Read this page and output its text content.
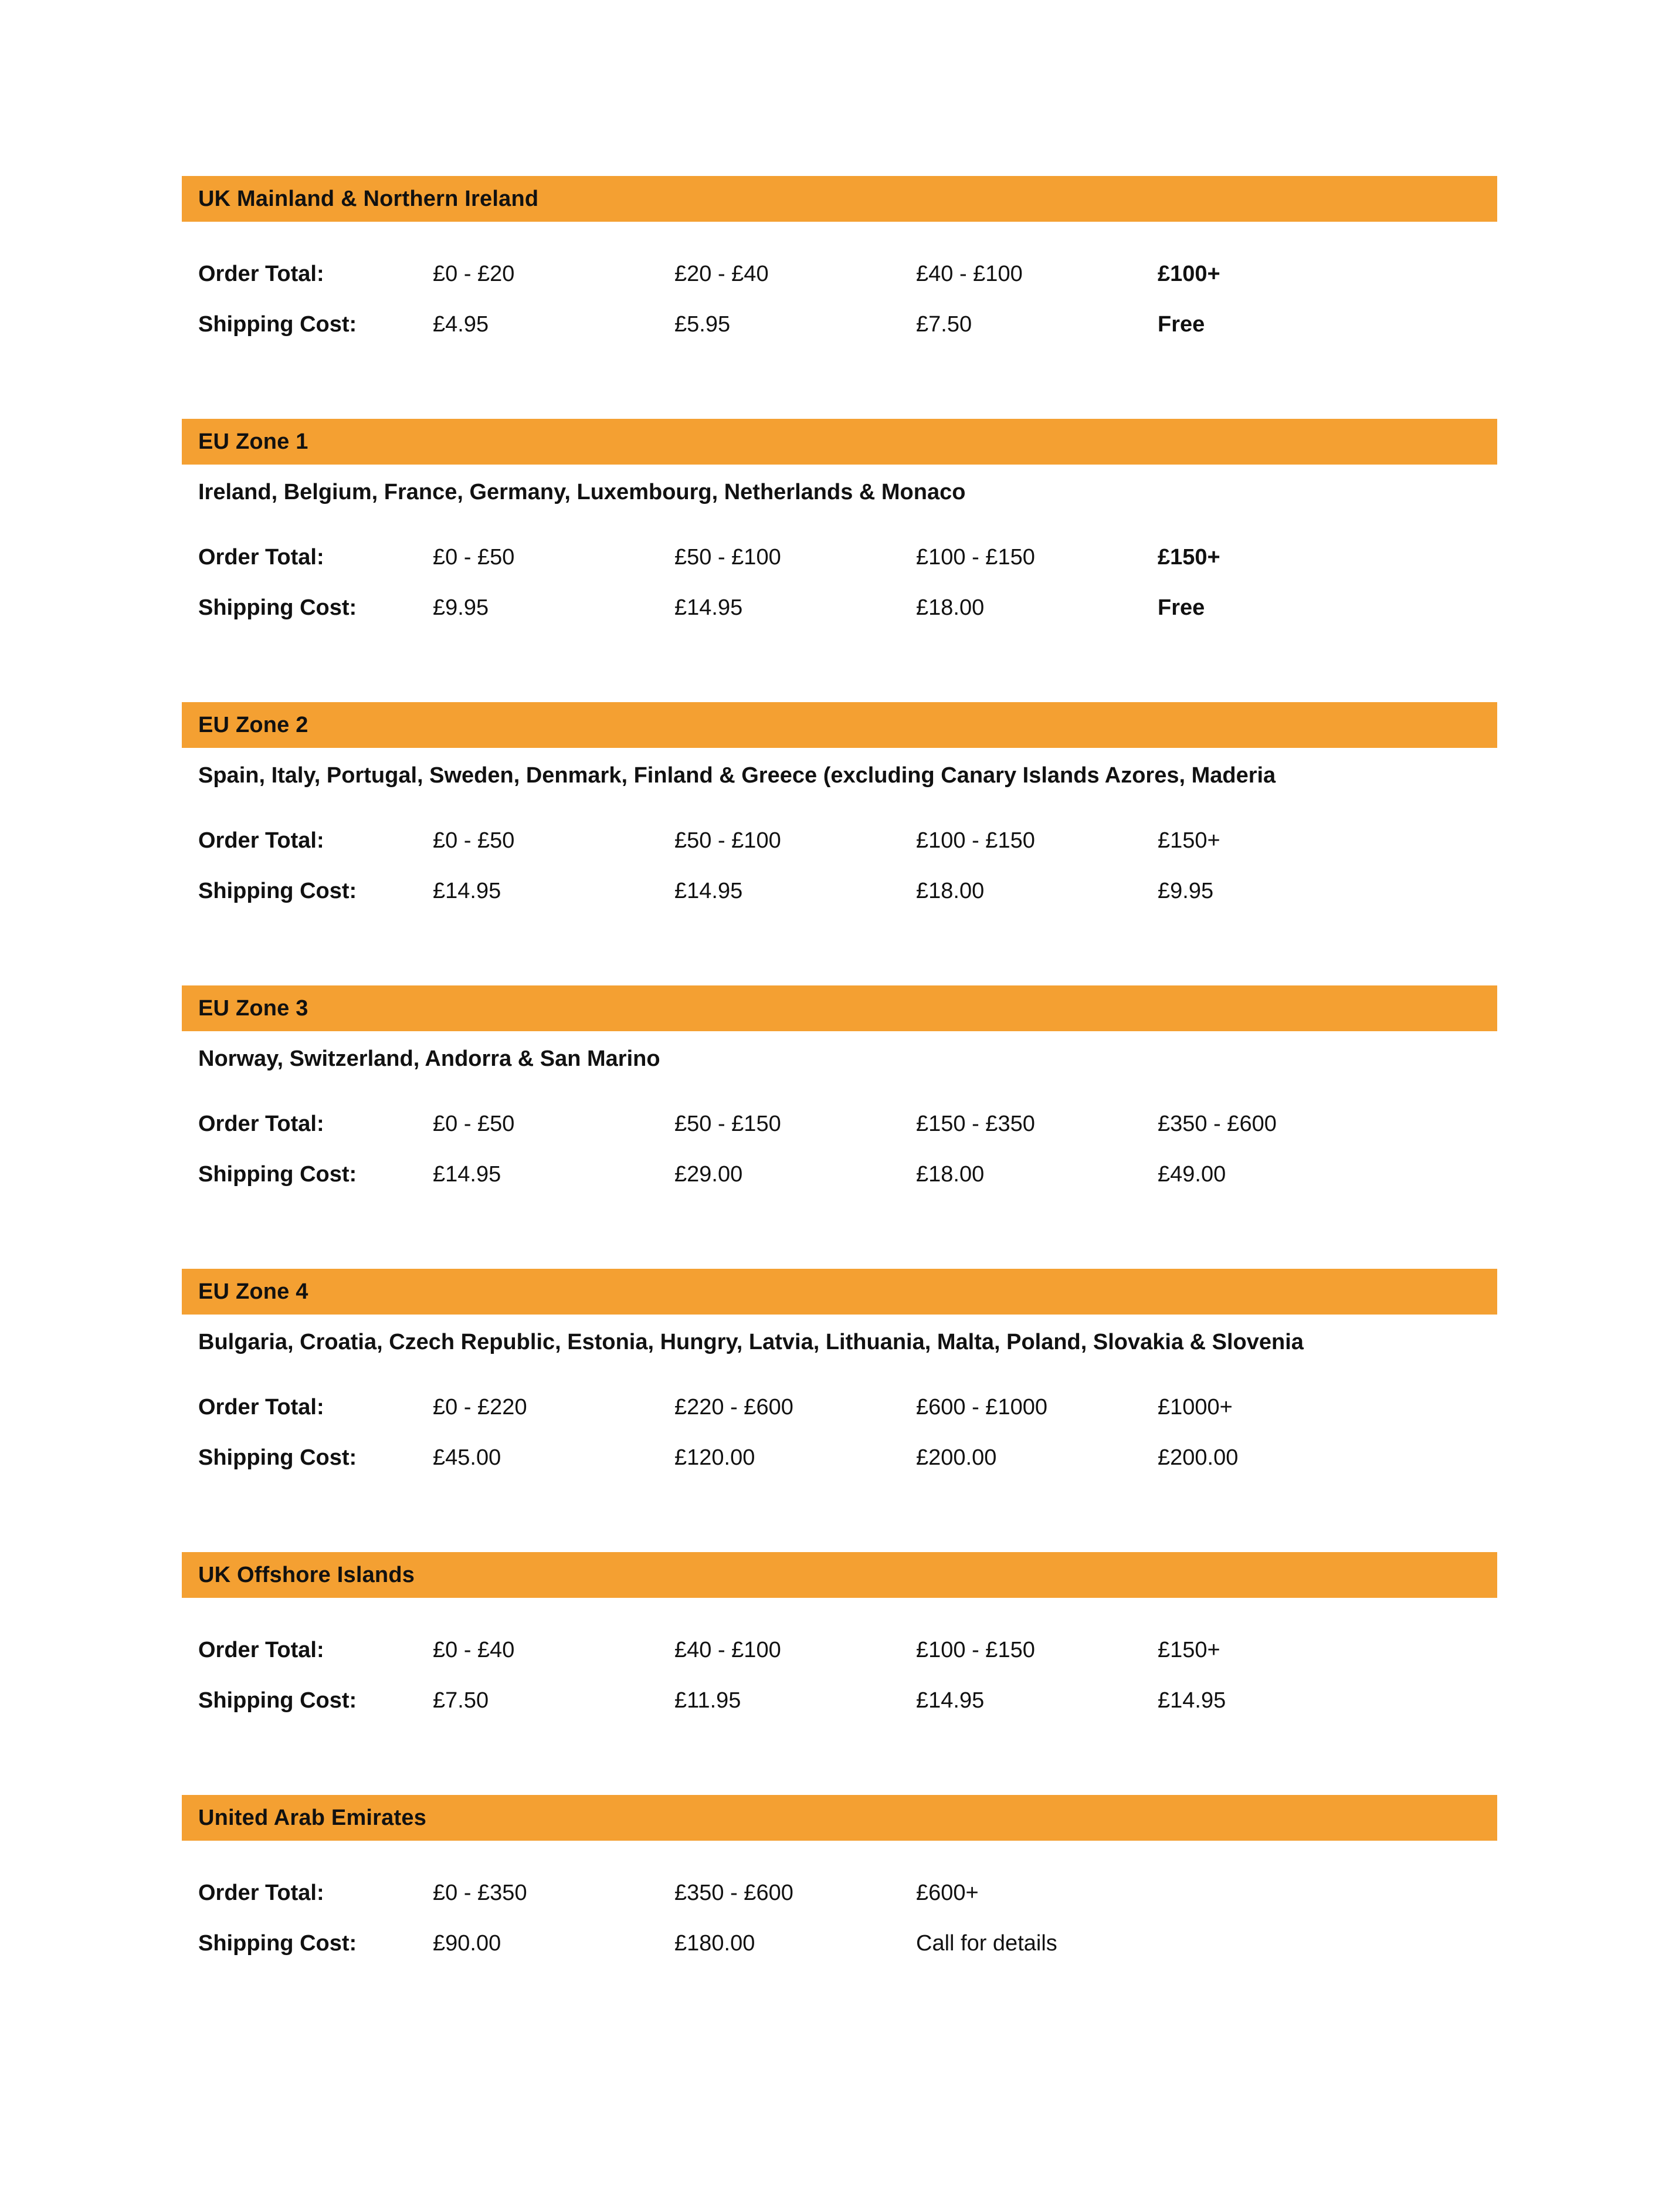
UK Mainland & Northern Ireland
Order Total:	£0 - £20	£20 - £40	£40 - £100	£100+
Shipping Cost:	£4.95	£5.95	£7.50	Free
EU Zone 1
Ireland, Belgium, France, Germany, Luxembourg, Netherlands & Monaco
Order Total:	£0 - £50	£50 - £100	£100 - £150	£150+
Shipping Cost:	£9.95	£14.95	£18.00	Free
EU Zone 2
Spain, Italy, Portugal, Sweden, Denmark, Finland & Greece (excluding Canary Islands Azores, Maderia
Order Total:	£0 - £50	£50 - £100	£100 - £150	£150+
Shipping Cost:	£14.95	£14.95	£18.00	£9.95
EU Zone 3
Norway, Switzerland, Andorra & San Marino
Order Total:	£0 - £50	£50 - £150	£150 - £350	£350 - £600
Shipping Cost:	£14.95	£29.00	£18.00	£49.00
EU Zone 4
Bulgaria, Croatia, Czech Republic, Estonia, Hungry, Latvia, Lithuania, Malta, Poland, Slovakia & Slovenia
Order Total:	£0 - £220	£220 - £600	£600 - £1000	£1000+
Shipping Cost:	£45.00	£120.00	£200.00	£200.00
UK Offshore Islands
Order Total:	£0 - £40	£40 - £100	£100 - £150	£150+
Shipping Cost:	£7.50	£11.95	£14.95	£14.95
United Arab Emirates
Order Total:	£0 - £350	£350 - £600	£600+
Shipping Cost:	£90.00	£180.00	Call for details
